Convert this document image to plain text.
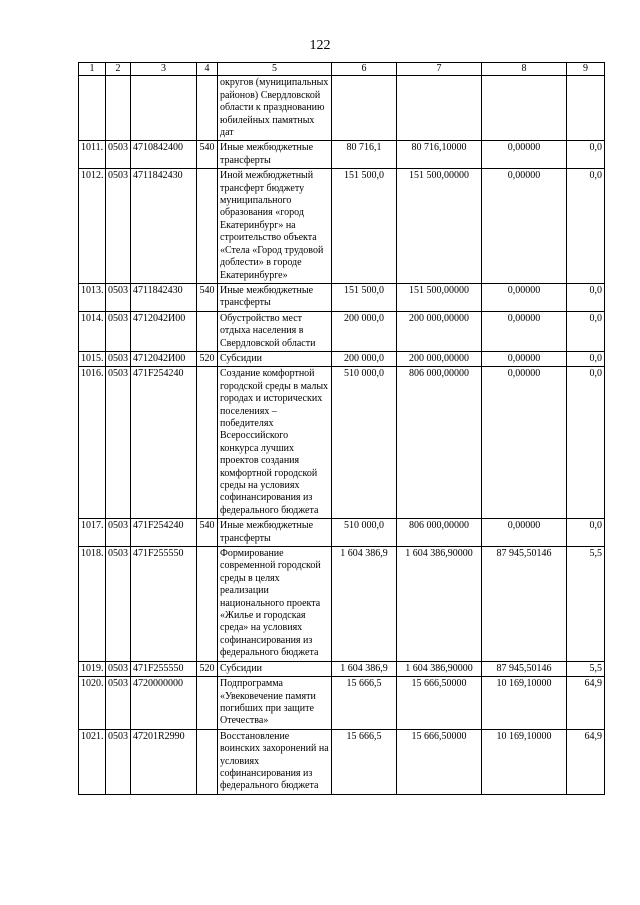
122
1	2	3	4	5	6	7	8	9
				округов (муниципальных районов) Свердловской области к празднованию юбилейных памятных дат				
1011.	0503	4710842400	540	Иные межбюджетные трансферты	80 716,1	80 716,10000	0,00000	0,0
1012.	0503	4711842430		Иной межбюджетный трансферт бюджету муниципального образования «город Екатеринбург» на строительство объекта «Стела «Город трудовой доблести» в городе Екатеринбурге»	151 500,0	151 500,00000	0,00000	0,0
1013.	0503	4711842430	540	Иные межбюджетные трансферты	151 500,0	151 500,00000	0,00000	0,0
1014.	0503	4712042И00		Обустройство мест отдыха населения в Свердловской области	200 000,0	200 000,00000	0,00000	0,0
1015.	0503	4712042И00	520	Субсидии	200 000,0	200 000,00000	0,00000	0,0
1016.	0503	471F254240		Создание комфортной городской среды в малых городах и исторических поселениях – победителях Всероссийского конкурса лучших проектов создания комфортной городской среды на условиях софинансирования из федерального бюджета	510 000,0	806 000,00000	0,00000	0,0
1017.	0503	471F254240	540	Иные межбюджетные трансферты	510 000,0	806 000,00000	0,00000	0,0
1018.	0503	471F255550		Формирование современной городской среды в целях реализации национального проекта «Жилье и городская среда» на условиях софинансирования из федерального бюджета	1 604 386,9	1 604 386,90000	87 945,50146	5,5
1019.	0503	471F255550	520	Субсидии	1 604 386,9	1 604 386,90000	87 945,50146	5,5
1020.	0503	4720000000		Подпрограмма «Увековечение памяти погибших при защите Отечества»	15 666,5	15 666,50000	10 169,10000	64,9
1021.	0503	47201R2990		Восстановление воинских захоронений на условиях софинансирования из федерального бюджета	15 666,5	15 666,50000	10 169,10000	64,9
